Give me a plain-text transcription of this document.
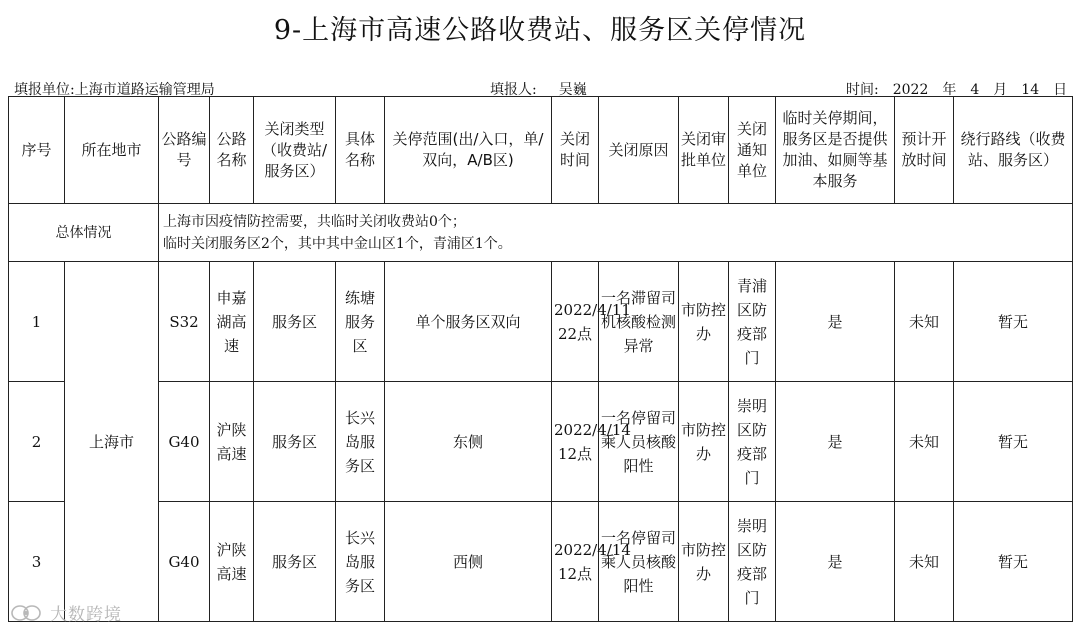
9-上海市高速公路收费站、服务区关停情况
填报单位:上海市道路运输管理局	填报人: 吴巍	时间: 2022 年 4 月 14 日
序号	所在地市	公路编号	公路名称	关闭类型（收费站/服务区）	具体名称	关停范围(出/入口，单/双向，A/B区)	关闭时间	关闭原因	关闭审批单位	关闭通知单位	临时关停期间，服务区是否提供加油、如厕等基本服务	预计开放时间	绕行路线（收费站、服务区）
总体情况		上海市因疫情防控需要，共临时关闭收费站0个；
临时关闭服务区2个，其中其中金山区1个，青浦区1个。											

1	上海市	S32	申嘉湖高速	服务区	练塘服务区	单个服务区双向	2022/4/11 22点	一名滞留司机核酸检测异常	市防控办	青浦区防疫部门	是	未知	暂无
2		G40	沪陕高速	服务区	长兴岛服务区	东侧	2022/4/14 12点	一名停留司乘人员核酸阳性	市防控办	崇明区防疫部门	是	未知	暂无
3		G40	沪陕高速	服务区	长兴岛服务区	西侧	2022/4/14 12点	一名停留司乘人员核酸阳性	市防控办	崇明区防疫部门	是	未知	暂无
大数跨境
